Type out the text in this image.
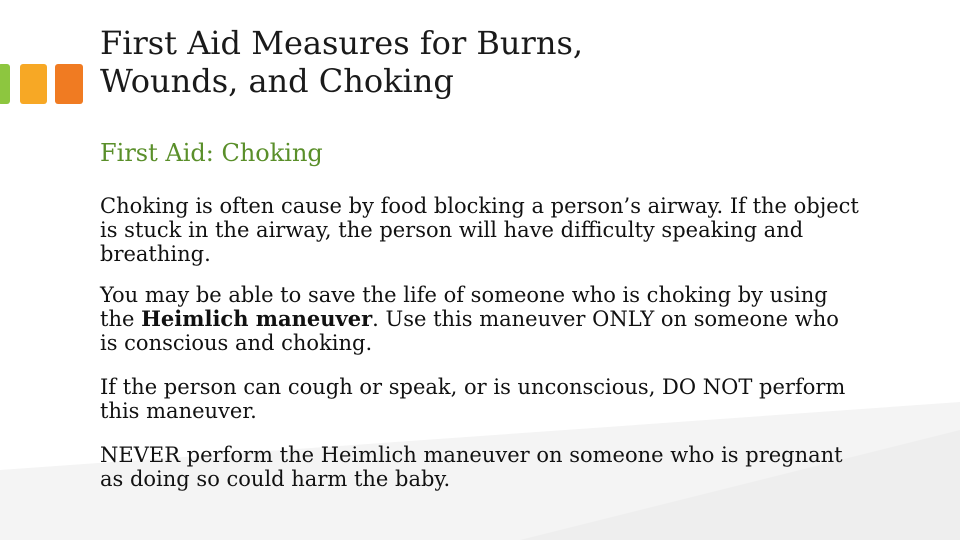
First Aid Measures for Burns,
Wounds, and Choking
First Aid: Choking

Choking is often cause by food blocking a person’s airway. If the object is stuck in the airway, the person will have difficulty speaking and breathing.

You may be able to save the life of someone who is choking by using the Heimlich maneuver. Use this maneuver ONLY on someone who is conscious and choking.

If the person can cough or speak, or is unconscious, DO NOT perform this maneuver.

NEVER perform the Heimlich maneuver on someone who is pregnant as doing so could harm the baby.
